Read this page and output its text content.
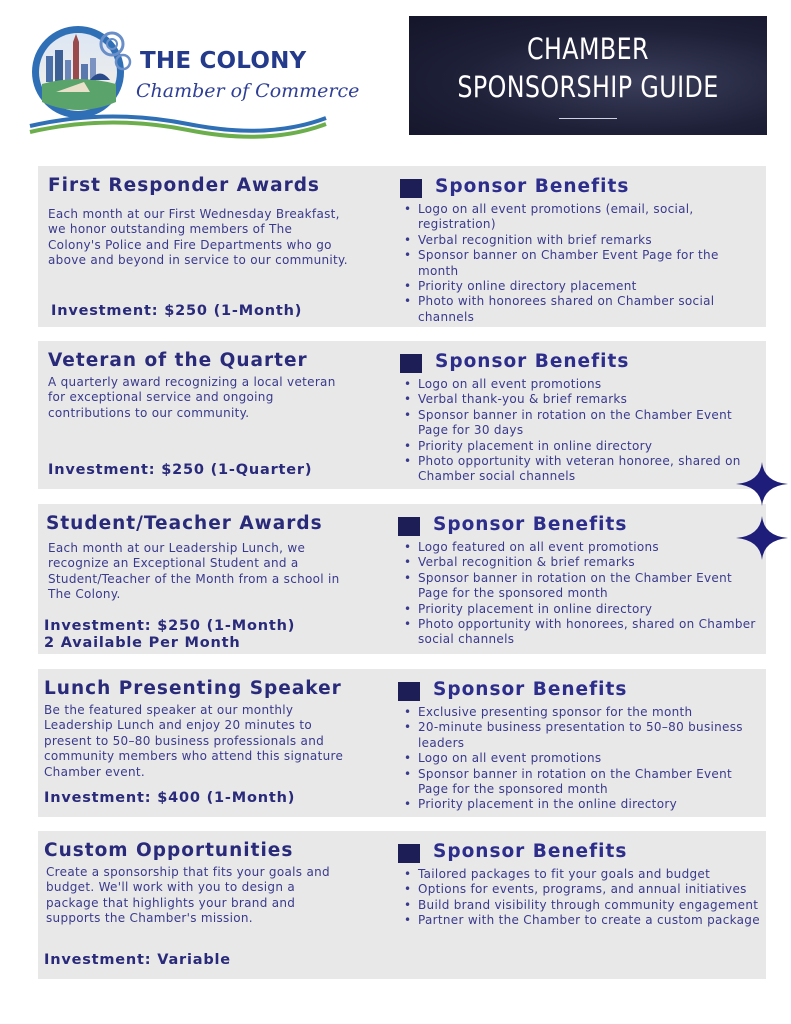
THE COLONY
Chamber of Commerce
CHAMBER
SPONSORSHIP GUIDE
First Responder Awards
Each month at our First Wednesday Breakfast, we honor outstanding members of The Colony's Police and Fire Departments who go above and beyond in service to our community.
Investment: $250 (1-Month)
Sponsor Benefits
• Logo on all event promotions (email, social, registration)
• Verbal recognition with brief remarks
• Sponsor banner on Chamber Event Page for the month
• Priority online directory placement
• Photo with honorees shared on Chamber social channels
Veteran of the Quarter
A quarterly award recognizing a local veteran for exceptional service and ongoing contributions to our community.
Investment: $250 (1-Quarter)
Sponsor Benefits
• Logo on all event promotions
• Verbal thank-you & brief remarks
• Sponsor banner in rotation on the Chamber Event Page for 30 days
• Priority placement in online directory
• Photo opportunity with veteran honoree, shared on Chamber social channels
Student/Teacher Awards
Each month at our Leadership Lunch, we recognize an Exceptional Student and a Student/Teacher of the Month from a school in The Colony.
Investment: $250 (1-Month)
2 Available Per Month
Sponsor Benefits
• Logo featured on all event promotions
• Verbal recognition & brief remarks
• Sponsor banner in rotation on the Chamber Event Page for the sponsored month
• Priority placement in online directory
• Photo opportunity with honorees, shared on Chamber social channels
Lunch Presenting Speaker
Be the featured speaker at our monthly Leadership Lunch and enjoy 20 minutes to present to 50–80 business professionals and community members who attend this signature Chamber event.
Investment: $400 (1-Month)
Sponsor Benefits
• Exclusive presenting sponsor for the month
• 20-minute business presentation to 50–80 business leaders
• Logo on all event promotions
• Sponsor banner in rotation on the Chamber Event Page for the sponsored month
• Priority placement in the online directory
Custom Opportunities
Create a sponsorship that fits your goals and budget. We'll work with you to design a package that highlights your brand and supports the Chamber's mission.
Investment: Variable
Sponsor Benefits
• Tailored packages to fit your goals and budget
• Options for events, programs, and annual initiatives
• Build brand visibility through community engagement
• Partner with the Chamber to create a custom package
